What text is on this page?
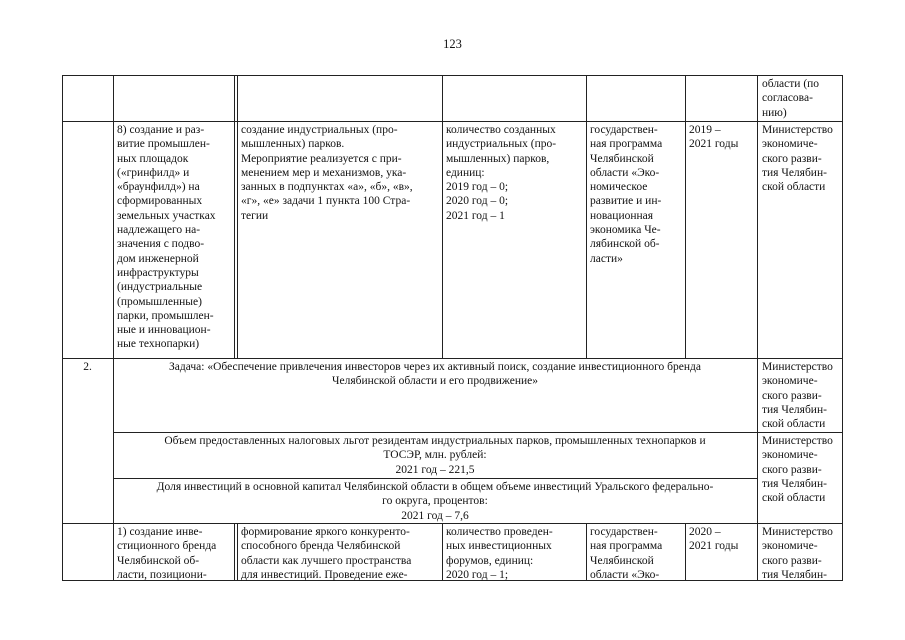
123
области (по
согласова-
нию)
8) создание и раз-
витие промышлен-
ных площадок
(«гринфилд» и
«браунфилд») на
сформированных
земельных участках
надлежащего на-
значения с подво-
дом инженерной
инфраструктуры
(индустриальные
(промышленные)
парки, промышлен-
ные и инновацион-
ные технопарки)
создание индустриальных (про-
мышленных) парков.
Мероприятие реализуется с при-
менением мер и механизмов, ука-
занных в подпунктах «а», «б», «в»,
«г», «е» задачи 1 пункта 100 Стра-
тегии
количество созданных
индустриальных (про-
мышленных) парков,
единиц:
2019 год – 0;
2020 год – 0;
2021 год – 1
государствен-
ная программа
Челябинской
области «Эко-
номическое
развитие и ин-
новационная
экономика Че-
лябинской об-
ласти»
2019 –
2021 годы
Министерство
экономиче-
ского разви-
тия Челябин-
ской области
2.	Задача: «Обеспечение привлечения инвесторов через их активный поиск, создание инвестиционного бренда
Челябинской области и его продвижение»
Министерство
экономиче-
ского разви-
тия Челябин-
ской области
Объем предоставленных налоговых льгот резидентам индустриальных парков, промышленных технопарков и
ТОСЭР, млн. рублей:
2021 год – 221,5
Министерство
экономиче-
ского разви-
тия Челябин-
ской области
Доля инвестиций в основной капитал Челябинской области в общем объеме инвестиций Уральского федерально-
го округа, процентов:
2021 год – 7,6
1) создание инве-
стиционного бренда
Челябинской об-
ласти, позициони-
формирование яркого конкуренто-
способного бренда Челябинской
области как лучшего пространства
для инвестиций. Проведение еже-
количество проведен-
ных инвестиционных
форумов, единиц:
2020 год – 1;
государствен-
ная программа
Челябинской
области «Эко-
2020 –
2021 годы
Министерство
экономиче-
ского разви-
тия Челябин-
